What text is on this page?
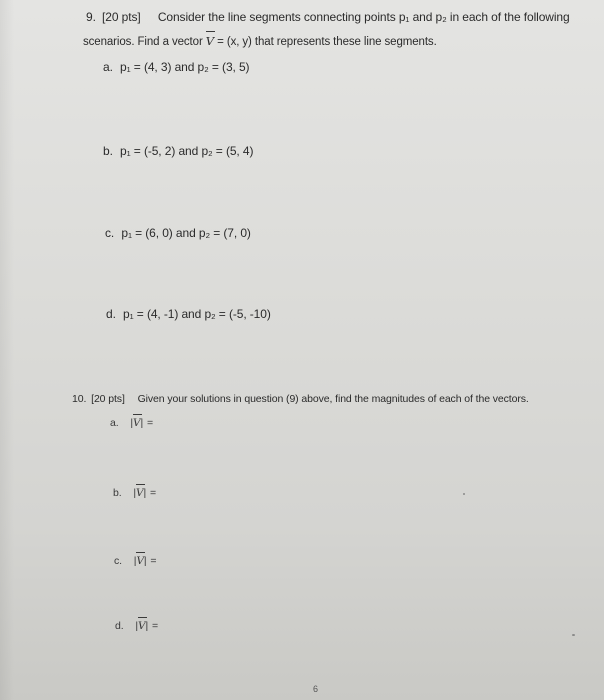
9. [20 pts] Consider the line segments connecting points p₁ and p₂ in each of the following
scenarios. Find a vector V = (x, y) that represents these line segments.
a. p₁ = (4, 3) and p₂ = (3, 5)
b. p₁ = (-5, 2) and p₂ = (5, 4)
c. p₁ = (6, 0) and p₂ = (7, 0)
d. p₁ = (4, -1) and p₂ = (-5, -10)
10. [20 pts] Given your solutions in question (9) above, find the magnitudes of each of the vectors.
a. |V| =
b. |V| =
c. |V| =
d. |V| =
6
